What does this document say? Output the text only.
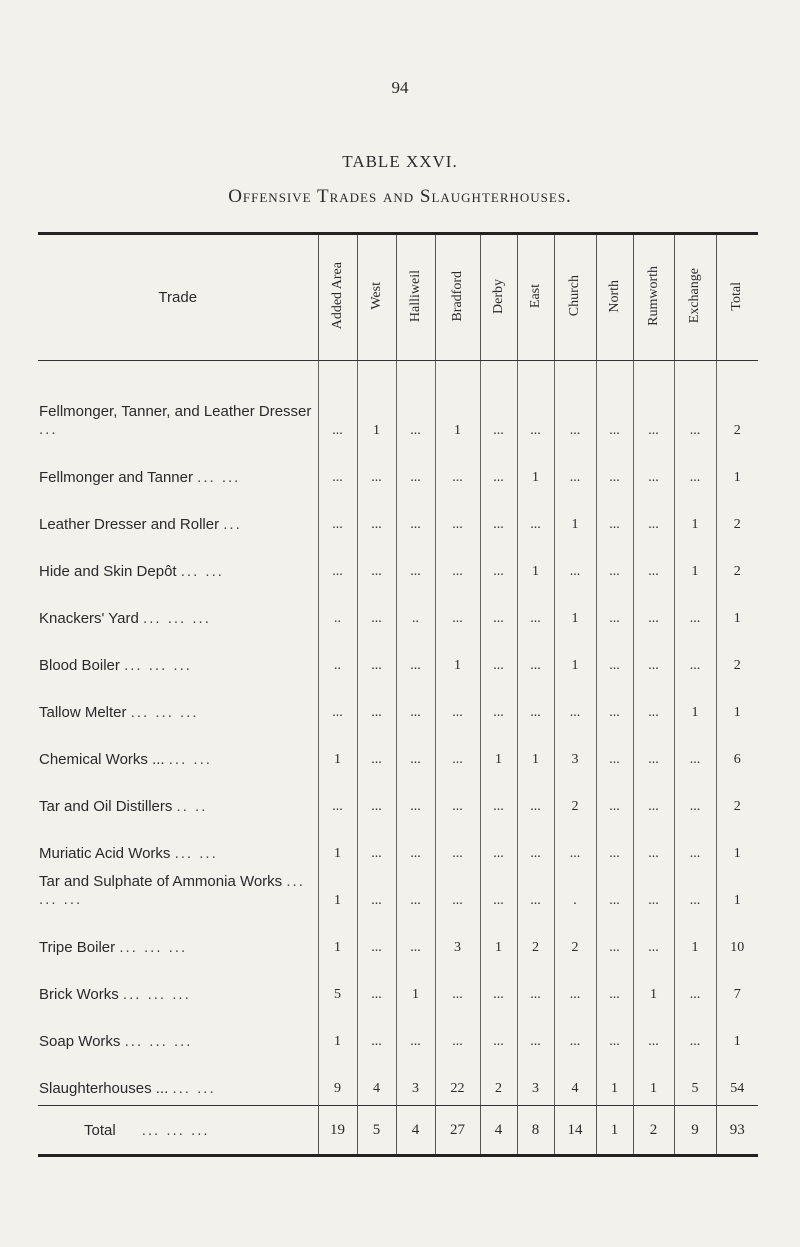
94
TABLE XXVI.
Offensive Trades and Slaughterhouses.
Trade	Added Area	West	Halliweil	Bradford	Derby	East	Church	North	Rumworth	Exchange	Total
Fellmonger, Tanner, and Leather Dresser ...	...	1	...	1	...	...	...	...	...	...	2
Fellmonger and Tanner ... ...	...	...	...	...	...	1	...	...	...	...	1
Leather Dresser and Roller ...	...	...	...	...	...	...	1	...	...	1	2
Hide and Skin Depôt ... ...	...	...	...	...	...	1	...	...	...	1	2
Knackers' Yard ... ... ...	..	...	..	...	...	...	1	...	...	...	1
Blood Boiler ... ... ...	..	...	...	1	...	...	1	...	...	...	2
Tallow Melter ... ... ...	...	...	...	...	...	...	...	...	...	1	1
Chemical Works ... ... ...	1	...	...	...	1	1	3	...	...	...	6
Tar and Oil Distillers .. ..	...	...	...	...	...	...	2	...	...	...	2
Muriatic Acid Works ... ...	1	...	...	...	...	...	...	...	...	...	1
Tar and Sulphate of Ammonia Works ... ... ...	1	...	...	...	...	...	.	...	...	...	1
Tripe Boiler ... ... ...	1	...	...	3	1	2	2	...	...	1	10
Brick Works ... ... ...	5	...	1	...	...	...	...	...	1	...	7
Soap Works ... ... ...	1	...	...	...	...	...	...	...	...	...	1
Slaughterhouses ... ... ...	9	4	3	22	2	3	4	1	1	5	54
Total ... ... ...	19	5	4	27	4	8	14	1	2	9	93
